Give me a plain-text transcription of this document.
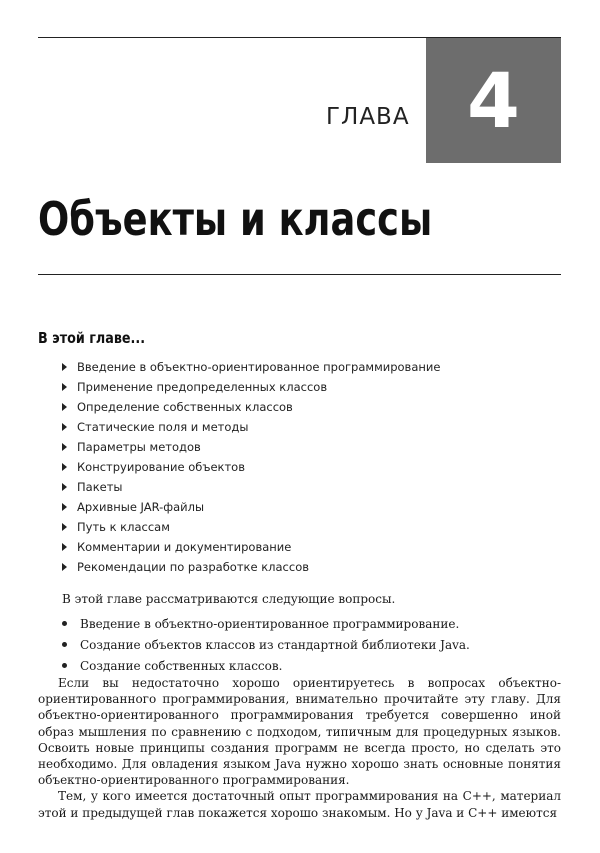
4
ГЛАВА
Объекты и классы
В этой главе...
Введение в объектно-ориентированное программирование
Применение предопределенных классов
Определение собственных классов
Статические поля и методы
Параметры методов
Конструирование объектов
Пакеты
Архивные JAR-файлы
Путь к классам
Комментарии и документирование
Рекомендации по разработке классов
В этой главе рассматриваются следующие вопросы.
Введение в объектно-ориентированное программирование.
Создание объектов классов из стандартной библиотеки Java.
Создание собственных классов.

Если вы недостаточно хорошо ориентируетесь в вопросах объектно-ориентированного программирования, внимательно прочитайте эту главу. Для объектно-ориентированного программирования требуется совершенно иной образ мышления по сравнению с подходом, типичным для процедурных языков. Освоить новые принципы создания программ не всегда просто, но сделать это необходимо. Для овладения языком Java нужно хорошо знать основные понятия объектно-ориентированного программирования.

Тем, у кого имеется достаточный опыт программирования на C++, материал этой и предыдущей глав покажется хорошо знакомым. Но у Java и C++ имеются
